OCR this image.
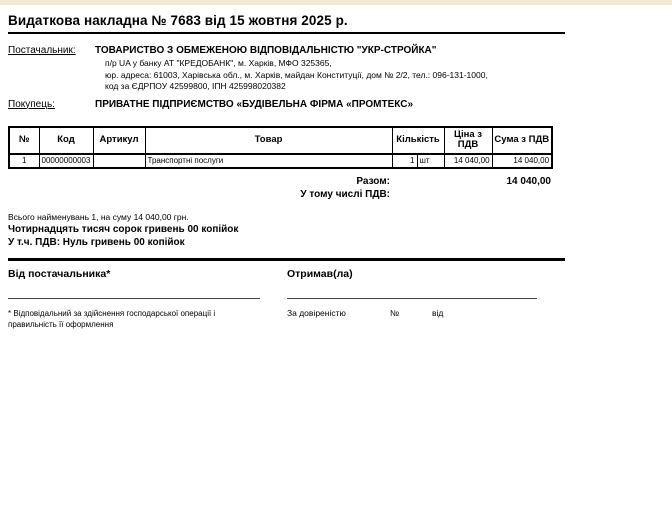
Видаткова накладна № 7683 від 15 жовтня 2025 р.
Постачальник:	ТОВАРИСТВО З ОБМЕЖЕНОЮ ВІДПОВІДАЛЬНІСТЮ "УКР-СТРОЙКА"
п/р UA у банку АТ "КРЕДОБАНК", м. Харків, МФО 325365,
юр. адреса: 61003, Харівська обл., м. Харків, майдан Конституції, дом № 2/2, тел.: 096-131-1000,
код за ЄДРПОУ 42599800, ІПН 425998020382
Покупець:	ПРИВАТНЕ ПІДПРИЄМСТВО «БУДІВЕЛЬНА ФІРМА «ПРОМТЕКС»
№	Код	Артикул	Товар	Кількість		Ціна з ПДВ	Сума з ПДВ
1	00000000003		Транспортні послуги	1	шт	14 040,00	14 040,00
Разом:	14 040,00
У тому числі ПДВ:
Всього найменувань 1, на суму 14 040,00 грн.
Чотирнадцять тисяч сорок гривень 00 копійок
У т.ч. ПДВ: Нуль гривень 00 копійок
Від постачальника*
* Відповідальний за здійснення господарської операції і правильність її оформлення
Отримав(ла)
За довіреністю	№	від
